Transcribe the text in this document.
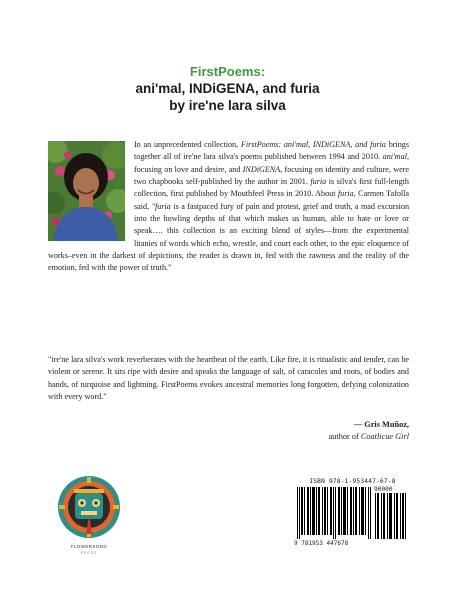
FirstPoems:
ani'mal, INDiGENA, and furia
by ire'ne lara silva

In an unprecedented collection, FirstPoems: ani'mal, INDiGENA, and furia brings together all of ire'ne lara silva's poems published between 1994 and 2010. ani'mal, focusing on love and desire, and INDiGENA, focusing on identity and culture, were two chapbooks self-published by the author in 2001. furia is silva's first full-length collection, first published by Mouthfeel Press in 2010. About furia, Carmen Tafolla said, "furia is a fastpaced fury of pain and protest, grief and truth, a mad excursion into the howling depths of that which makes us human, able to hate or love or speak…. this collection is an exciting blend of styles—from the experimental litanies of words which echo, wrestle, and court each other, to the epic eloquence of works–even in the darkest of depictions, the reader is drawn in, fed with the rawness and the reality of the emotion, fed with the power of truth."

"ire'ne lara silva's work reverberates with the heartbeat of the earth. Like fire, it is ritualistic and tender, can be violent or serene. It sits ripe with desire and speaks the language of salt, of caracoles and roots, of bodies and hands, of turquoise and lightning. FirstPoems evokes ancestral memories long forgotten, defying colonization with every word."
— Gris Muñoz,
author of Coatlicue Girl
FLOWERSONG
PRESS
ISBN 978-1-953447-67-8
90000
9 781953 447678
